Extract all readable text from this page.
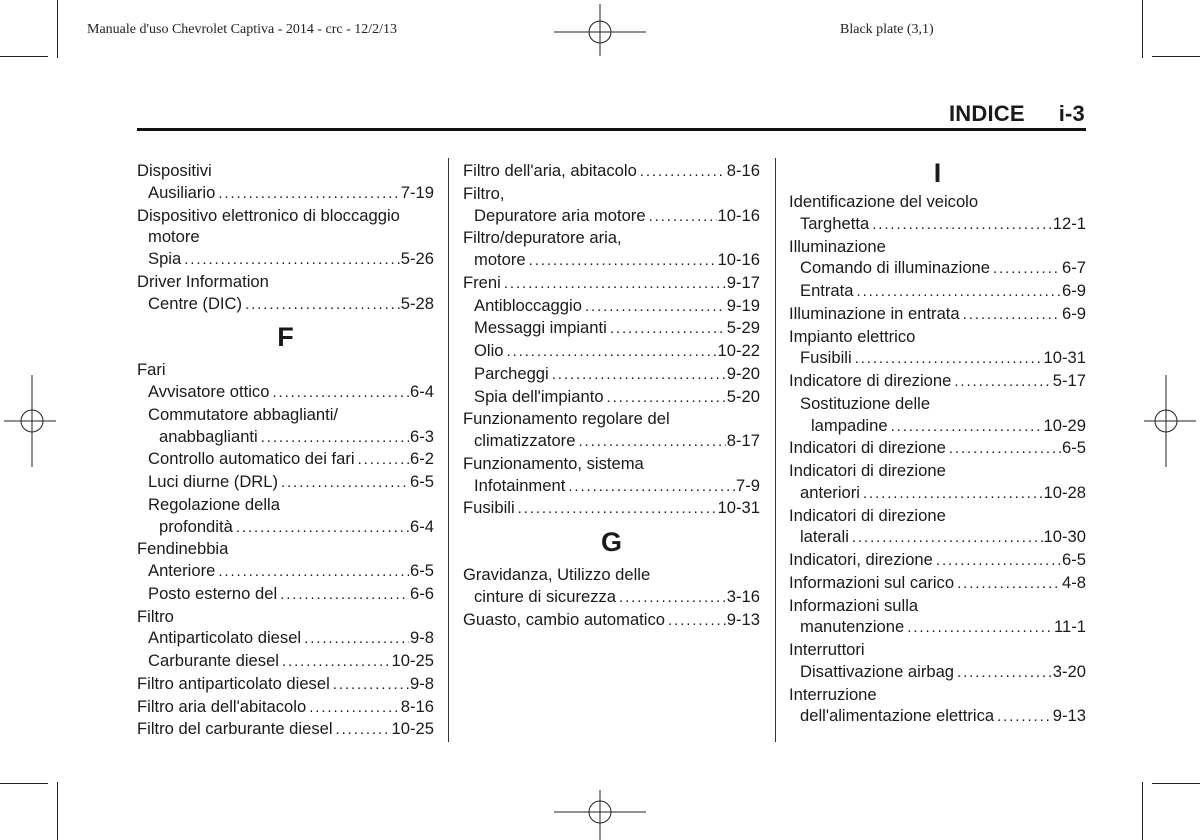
Manuale d'uso Chevrolet Captiva - 2014 - crc - 12/2/13	Black plate (3,1)
INDICE i-3
Dispositivi
Ausiliario .....	7-19
Dispositivo elettronico di bloccaggio
motore
Spia .....	5-26
Driver Information
Centre (DIC) .....	5-28
F
Fari
Avvisatore ottico .....	6-4
Commutatore abbaglianti/
anabbaglianti .....	6-3
Controllo automatico dei fari .....	6-2
Luci diurne (DRL) .....	6-5
Regolazione della
profondità .....	6-4
Fendinebbia
Anteriore .....	6-5
Posto esterno del .....	6-6
Filtro
Antiparticolato diesel .....	9-8
Carburante diesel .....	10-25
Filtro antiparticolato diesel .....	9-8
Filtro aria dell'abitacolo .....	8-16
Filtro del carburante diesel .....	10-25
Filtro dell'aria, abitacolo .....	8-16
Filtro,
Depuratore aria motore .....	10-16
Filtro/depuratore aria,
motore .....	10-16
Freni .....	9-17
Antibloccaggio .....	9-19
Messaggi impianti .....	5-29
Olio .....	10-22
Parcheggi .....	9-20
Spia dell'impianto .....	5-20
Funzionamento regolare del
climatizzatore .....	8-17
Funzionamento, sistema
Infotainment .....	7-9
Fusibili .....	10-31
G
Gravidanza, Utilizzo delle
cinture di sicurezza .....	3-16
Guasto, cambio automatico .....	9-13
I
Identificazione del veicolo
Targhetta .....	12-1
Illuminazione
Comando di illuminazione .....	6-7
Entrata .....	6-9
Illuminazione in entrata .....	6-9
Impianto elettrico
Fusibili .....	10-31
Indicatore di direzione .....	5-17
Sostituzione delle
lampadine .....	10-29
Indicatori di direzione .....	6-5
Indicatori di direzione
anteriori .....	10-28
Indicatori di direzione
laterali .....	10-30
Indicatori, direzione .....	6-5
Informazioni sul carico .....	4-8
Informazioni sulla
manutenzione .....	11-1
Interruttori
Disattivazione airbag .....	3-20
Interruzione
dell'alimentazione elettrica .....	9-13
